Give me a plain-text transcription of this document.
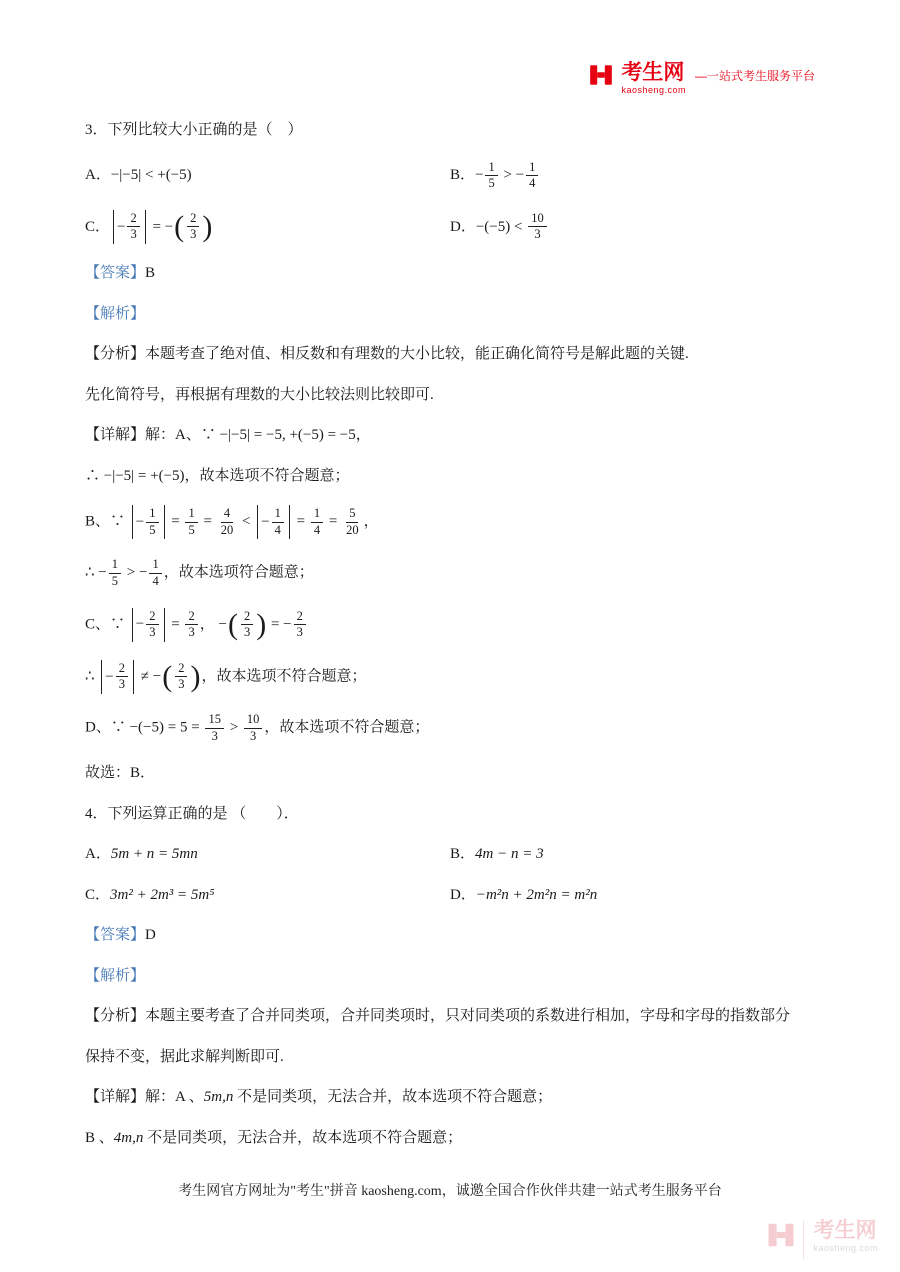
考生网
kaosheng.com
—一站式考生服务平台
3．下列比较大小正确的是（    ）
A． −|−5| < +(−5)	B． − $\frac{1}{5}$ > − $\frac{1}{4}$
C． − $\frac{2}{3}$ = − ( $\frac{2}{3}$ )	D． $-(-5) < \frac{10}{3}$
【答案】B
【解析】
【分析】本题考查了绝对值、相反数和有理数的大小比较，能正确化简符号是解此题的关键.
先化简符号，再根据有理数的大小比较法则比较即可.
【详解】解：A、∵ −|−5| = −5, +(−5) = −5，
∴ −|−5| = +(−5)，故本选项不符合题意；
B、∵ − $\frac{1}{5} = \frac{1}{5} = \frac{4}{20}$ < − $\frac{1}{4} = \frac{1}{4} = \frac{5}{20}$ ，
∴ − $\frac{1}{5}$ > − $\frac{1}{4}$ ，故本选项符合题意；
C、∵ − $\frac{2}{3} = \frac{2}{3}$ ， − ( $\frac{2}{3}$ ) = − $\frac{2}{3}$
∴ − $\frac{2}{3}$ ≠ − ( $\frac{2}{3}$ ) ，故本选项不符合题意；
D、∵ $-(-5) = 5 = \frac{15}{3} > \frac{10}{3}$ ，故本选项不符合题意；
故选：B．
4．下列运算正确的是 （　　）．
A． 5m + n = 5mn	B． 4m − n = 3
C． 3m² + 2m³ = 5m⁵	D． −m²n + 2m²n = m²n
【答案】D
【解析】
【分析】本题主要考查了合并同类项，合并同类项时，只对同类项的系数进行相加，字母和字母的指数部分
保持不变，据此求解判断即可.
【详解】解：A 、5m,n 不是同类项，无法合并，故本选项不符合题意；
B 、4m,n 不是同类项，无法合并，故本选项不符合题意；
考生网官方网址为"考生"拼音 kaosheng.com，诚邀全国合作伙伴共建一站式考生服务平台
考生网
kaosheng.com
